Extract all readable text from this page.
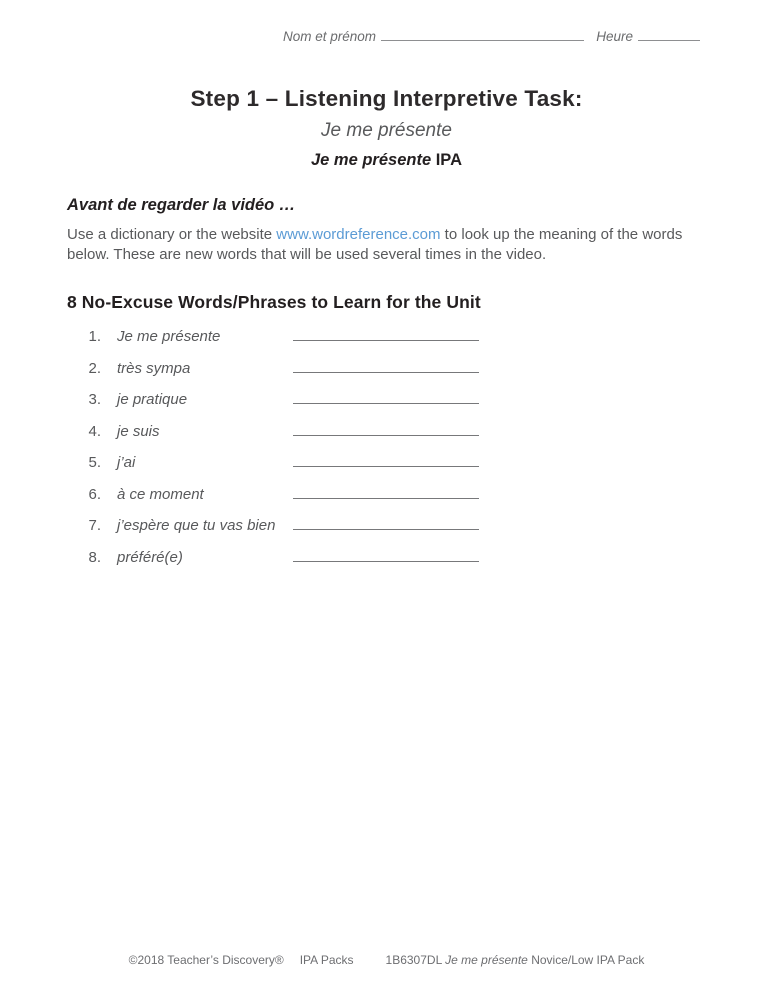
Nom et prénom	Heure
Step 1 – Listening Interpretive Task:
Je me présente
Je me présente IPA
Avant de regarder la vidéo …
Use a dictionary or the website www.wordreference.com to look up the meaning of the words below. These are new words that will be used several times in the video.
8 No-Excuse Words/Phrases to Learn for the Unit
1. Je me présente
2. très sympa
3. je pratique
4. je suis
5. j’ai
6. à ce moment
7. j’espère que tu vas bien
8. préféré(e)
©2018 Teacher’s Discovery® IPA Packs	1B6307DL Je me présente Novice/Low IPA Pack
